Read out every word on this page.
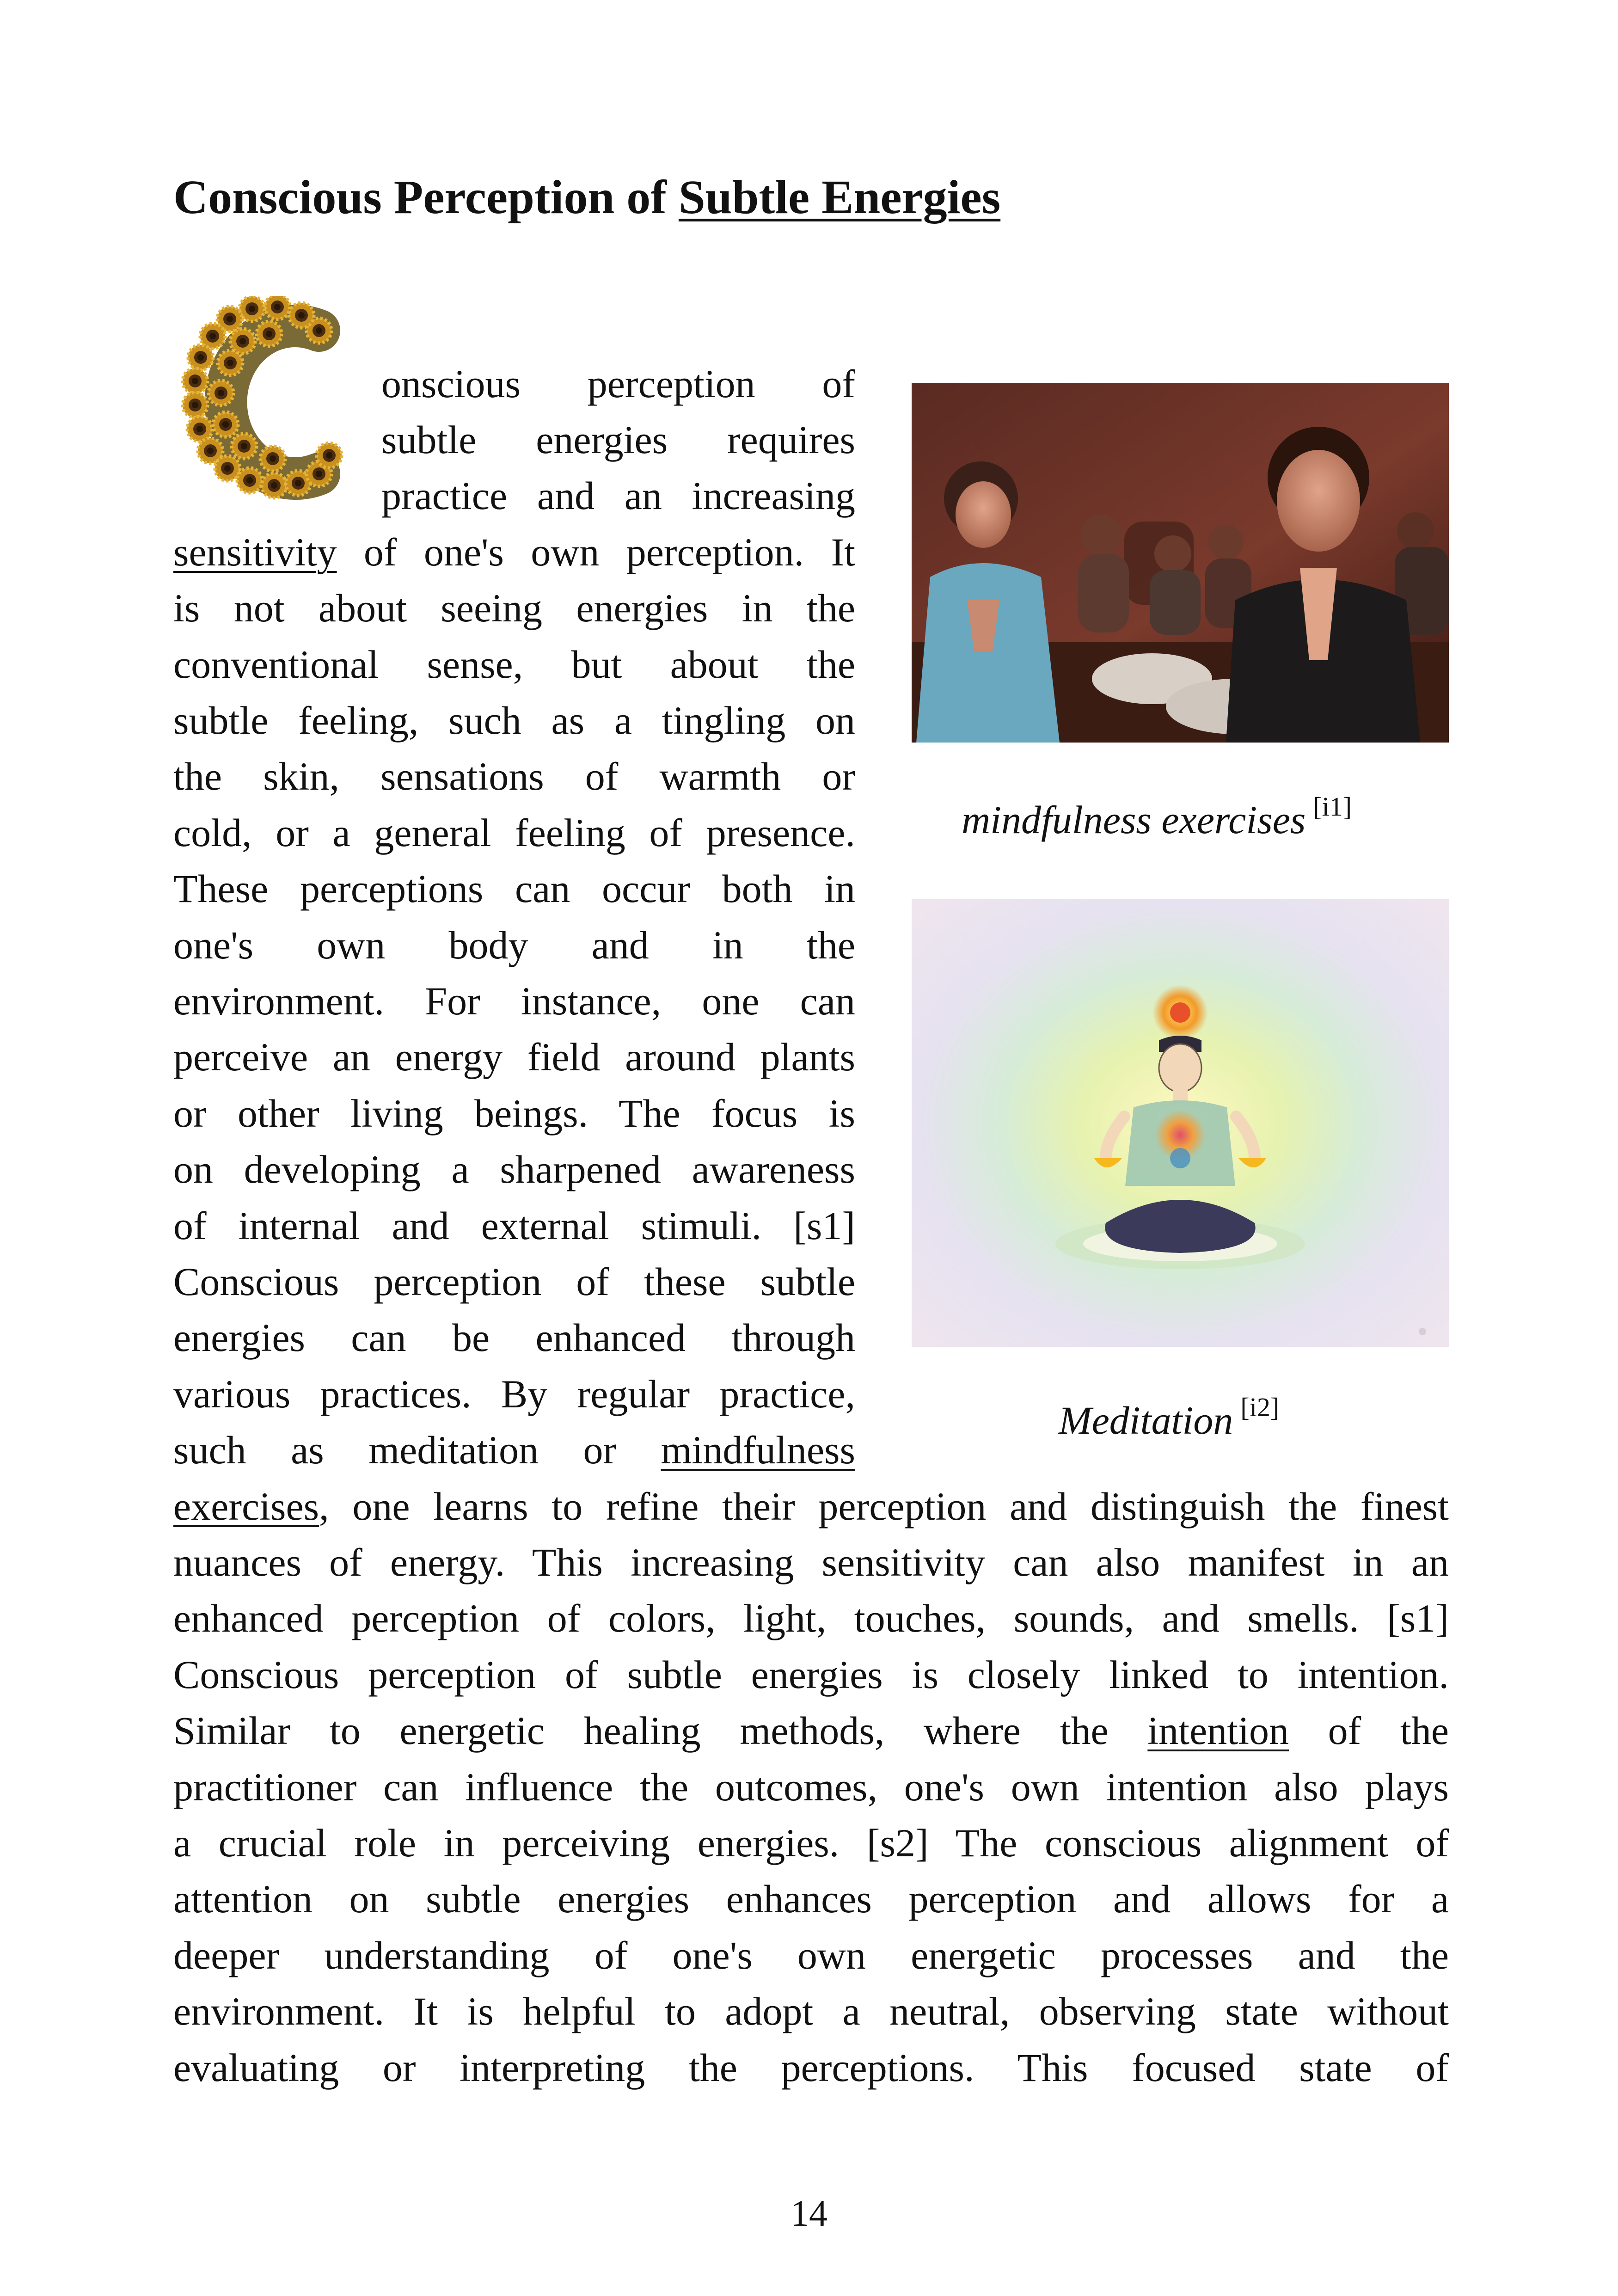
Conscious Perception of Subtle Energies
onscious perception of
subtle energies requires
practice and an increasing
sensitivity of one's own perception. It
is not about seeing energies in the
conventional sense, but about the
subtle feeling, such as a tingling on
the skin, sensations of warmth or
cold, or a general feeling of presence.
These perceptions can occur both in
one's own body and in the
environment. For instance, one can
perceive an energy field around plants
or other living beings. The focus is
on developing a sharpened awareness
of internal and external stimuli. [s1]
Conscious perception of these subtle
energies can be enhanced through
various practices. By regular practice,
such as meditation or mindfulness
exercises, one learns to refine their perception and distinguish the finest
nuances of energy. This increasing sensitivity can also manifest in an
enhanced perception of colors, light, touches, sounds, and smells. [s1]
Conscious perception of subtle energies is closely linked to intention.
Similar to energetic healing methods, where the intention of the
practitioner can influence the outcomes, one's own intention also plays
a crucial role in perceiving energies. [s2] The conscious alignment of
attention on subtle energies enhances perception and allows for a
deeper understanding of one's own energetic processes and the
environment. It is helpful to adopt a neutral, observing state without
evaluating or interpreting the perceptions. This focused state of
mindfulness exercises [i1]
Meditation [i2]
14
